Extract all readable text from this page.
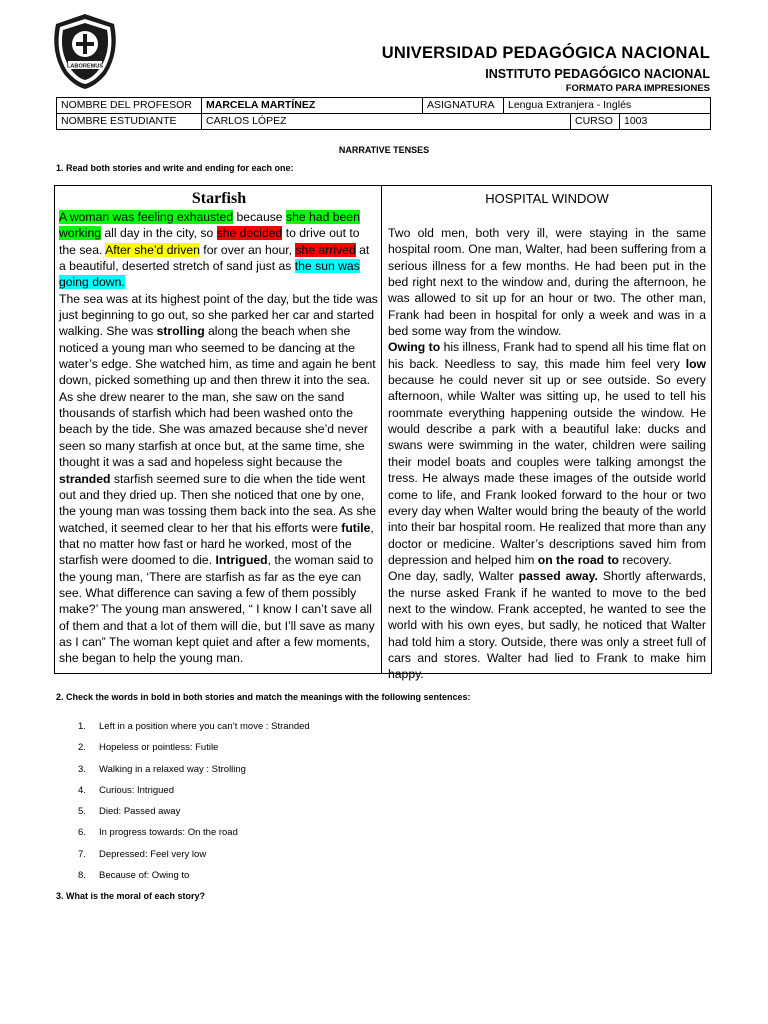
LABOREMUS
UNIVERSIDAD PEDAGÓGICA NACIONAL
INSTITUTO PEDAGÓGICO NACIONAL
FORMATO PARA IMPRESIONES
NOMBRE DEL PROFESOR	MARCELA MARTÍNEZ	ASIGNATURA	Lengua Extranjera - Inglés		
NOMBRE ESTUDIANTE	CARLOS LÓPEZ			CURSO	1003
NARRATIVE TENSES
1. Read both stories and write and ending for each one:
Starfish

A woman was feeling exhausted because she had been working all day in the city, so she decided to drive out to the sea. After she’d driven for over an hour, she arrived at a beautiful, deserted stretch of sand just as the sun was going down.

The sea was at its highest point of the day, but the tide was just beginning to go out, so she parked her car and started walking. She was strolling along the beach when she noticed a young man who seemed to be dancing at the water’s edge. She watched him, as time and again he bent down, picked something up and then threw it into the sea.

As she drew nearer to the man, she saw on the sand thousands of starfish which had been washed onto the beach by the tide. She was amazed because she’d never seen so many starfish at once but, at the same time, she thought it was a sad and hopeless sight because the stranded starfish seemed sure to die when the tide went out and they dried up. Then she noticed that one by one, the young man was tossing them back into the sea. As she watched, it seemed clear to her that his efforts were futile, that no matter how fast or hard he worked, most of the starfish were doomed to die. Intrigued, the woman said to the young man, ‘There are starfish as far as the eye can see. What difference can saving a few of them possibly make?’ The young man answered, “ I know I can’t save all of them and that a lot of them will die, but I’ll save as many as I can” The woman kept quiet and after a few moments, she began to help the young man.

HOSPITAL WINDOW

Two old men, both very ill, were staying in the same hospital room. One man, Walter, had been suffering from a serious illness for a few months. He had been put in the bed right next to the window and, during the afternoon, he was allowed to sit up for an hour or two. The other man, Frank had been in hospital for only a week and was in a bed some way from the window.

Owing to his illness, Frank had to spend all his time flat on his back. Needless to say, this made him feel very low because he could never sit up or see outside. So every afternoon, while Walter was sitting up, he used to tell his roommate everything happening outside the window. He would describe a park with a beautiful lake: ducks and swans were swimming in the water, children were sailing their model boats and couples were talking amongst the tress. He always made these images of the outside world come to life, and Frank looked forward to the hour or two every day when Walter would bring the beauty of the world into their bar hospital room. He realized that more than any doctor or medicine. Walter’s descriptions saved him from depression and helped him on the road to recovery.

One day, sadly, Walter passed away. Shortly afterwards, the nurse asked Frank if he wanted to move to the bed next to the window. Frank accepted, he wanted to see the world with his own eyes, but sadly, he noticed that Walter had told him a story. Outside, there was only a street full of cars and stores. Walter had lied to Frank to make him happy.

2. Check the words in bold in both stories and match the meanings with the following sentences:
1. Left in a position where you can’t move : Stranded
2. Hopeless or pointless: Futile
3. Walking in a relaxed way : Strolling
4. Curious: Intrigued
5. Died: Passed away
6. In progress towards: On the road
7. Depressed: Feel very low
8. Because of: Owing to
3. What is the moral of each story?
